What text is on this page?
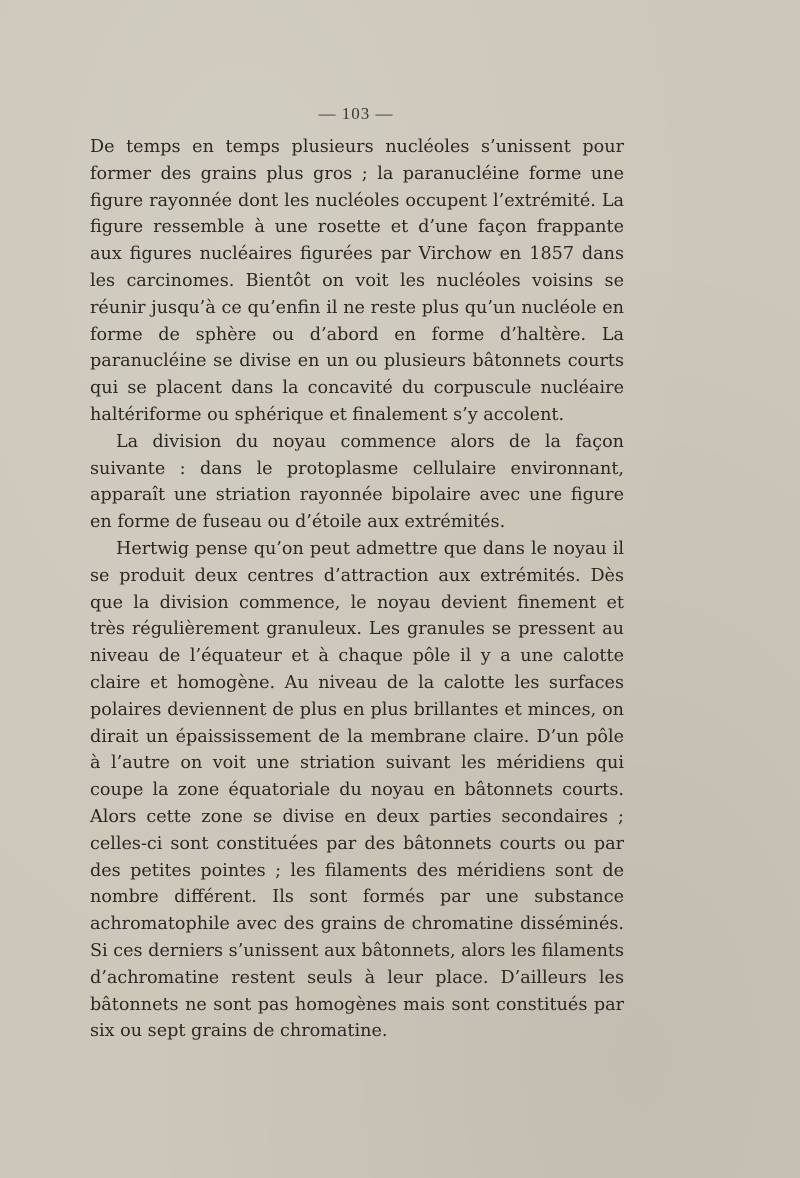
— 103 —

De temps en temps plusieurs nucléoles s’unissent pour former des grains plus gros ; la paranucléine forme une figure rayonnée dont les nucléoles occupent l’extrémité. La figure ressemble à une rosette et d’une façon frappante aux figures nucléaires figurées par Virchow en 1857 dans les carcinomes. Bientôt on voit les nucléoles voisins se réunir jusqu’à ce qu’enfin il ne reste plus qu’un nucléole en forme de sphère ou d’abord en forme d’haltère. La paranucléine se divise en un ou plusieurs bâtonnets courts qui se placent dans la concavité du corpuscule nucléaire haltériforme ou sphérique et finalement s’y accolent.

La division du noyau commence alors de la façon suivante : dans le protoplasme cellulaire environnant, apparaît une striation rayonnée bipolaire avec une figure en forme de fuseau ou d’étoile aux extrémités.

Hertwig pense qu’on peut admettre que dans le noyau il se produit deux centres d’attraction aux extrémités. Dès que la division commence, le noyau devient finement et très régulièrement granuleux. Les granules se pressent au niveau de l’équateur et à chaque pôle il y a une calotte claire et homogène. Au niveau de la calotte les surfaces polaires deviennent de plus en plus brillantes et minces, on dirait un épaississement de la membrane claire. D’un pôle à l’autre on voit une striation suivant les méridiens qui coupe la zone équatoriale du noyau en bâtonnets courts. Alors cette zone se divise en deux parties secondaires ; celles-ci sont constituées par des bâtonnets courts ou par des petites pointes ; les filaments des méridiens sont de nombre différent. Ils sont formés par une substance achromatophile avec des grains de chromatine disséminés. Si ces derniers s’unissent aux bâtonnets, alors les filaments d’achromatine restent seuls à leur place. D’ailleurs les bâtonnets ne sont pas homogènes mais sont constitués par six ou sept grains de chromatine.
